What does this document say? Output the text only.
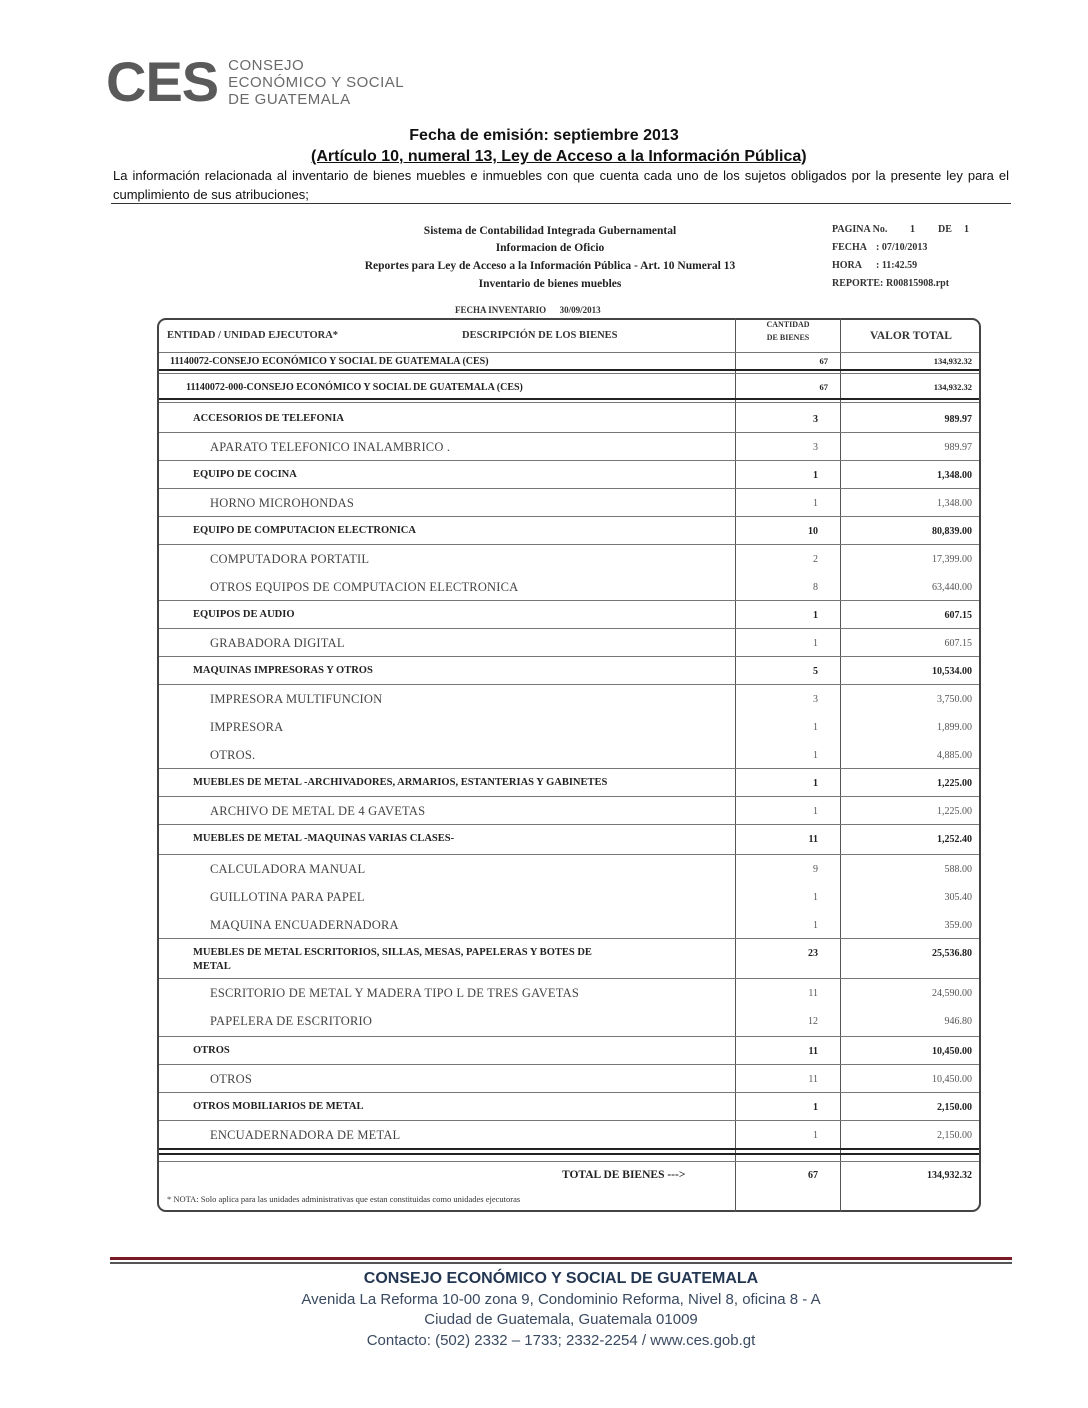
CES CONSEJO
ECONÓMICO Y SOCIAL
DE GUATEMALA
Fecha de emisión: septiembre 2013
(Artículo 10, numeral 13, Ley de Acceso a la Información Pública)
La información relacionada al inventario de bienes muebles e inmuebles con que cuenta cada uno de los sujetos obligados por la presente ley para el cumplimiento de sus atribuciones;
Sistema de Contabilidad Integrada Gubernamental
Informacion de Oficio
Reportes para Ley de Acceso a la Información Pública - Art. 10 Numeral 13
Inventario de bienes muebles
PAGINA No. 1 DE 1
FECHA : 07/10/2013
HORA : 11:42.59
REPORTE: R00815908.rpt
FECHA INVENTARIO 30/09/2013
ENTIDAD / UNIDAD EJECUTORA*	DESCRIPCIÓN DE LOS BIENES
CANTIDAD
DE BIENES	VALOR TOTAL
11140072-CONSEJO ECONÓMICO Y SOCIAL DE GUATEMALA (CES)	67	134,932.32
11140072-000-CONSEJO ECONÓMICO Y SOCIAL DE GUATEMALA (CES)	67	134,932.32
ACCESORIOS DE TELEFONIA	3	989.97
APARATO TELEFONICO INALAMBRICO .	3	989.97
EQUIPO DE COCINA	1	1,348.00
HORNO MICROHONDAS	1	1,348.00
EQUIPO DE COMPUTACION ELECTRONICA	10	80,839.00
COMPUTADORA PORTATIL	2	17,399.00
OTROS EQUIPOS DE COMPUTACION ELECTRONICA	8	63,440.00
EQUIPOS DE AUDIO	1	607.15
GRABADORA DIGITAL	1	607.15
MAQUINAS IMPRESORAS Y OTROS	5	10,534.00
IMPRESORA MULTIFUNCION	3	3,750.00
IMPRESORA	1	1,899.00
OTROS.	1	4,885.00
MUEBLES DE METAL -ARCHIVADORES, ARMARIOS, ESTANTERIAS Y GABINETES	1	1,225.00
ARCHIVO DE METAL DE 4 GAVETAS	1	1,225.00
MUEBLES DE METAL -MAQUINAS VARIAS CLASES-	11	1,252.40
CALCULADORA MANUAL	9	588.00
GUILLOTINA PARA PAPEL	1	305.40
MAQUINA ENCUADERNADORA	1	359.00
MUEBLES DE METAL ESCRITORIOS, SILLAS, MESAS, PAPELERAS Y BOTES DE
METAL
23	25,536.80
ESCRITORIO DE METAL Y MADERA TIPO L DE TRES GAVETAS	11	24,590.00
PAPELERA DE ESCRITORIO	12	946.80
OTROS	11	10,450.00
OTROS	11	10,450.00
OTROS MOBILIARIOS DE METAL	1	2,150.00
ENCUADERNADORA DE METAL	1	2,150.00
TOTAL DE BIENES --->	67	134,932.32
* NOTA: Solo aplica para las unidades administrativas que estan constituidas como unidades ejecutoras
CONSEJO ECONÓMICO Y SOCIAL DE GUATEMALA
Avenida La Reforma 10-00 zona 9, Condominio Reforma, Nivel 8, oficina 8 - A
Ciudad de Guatemala, Guatemala 01009
Contacto: (502) 2332 – 1733; 2332-2254 / www.ces.gob.gt
